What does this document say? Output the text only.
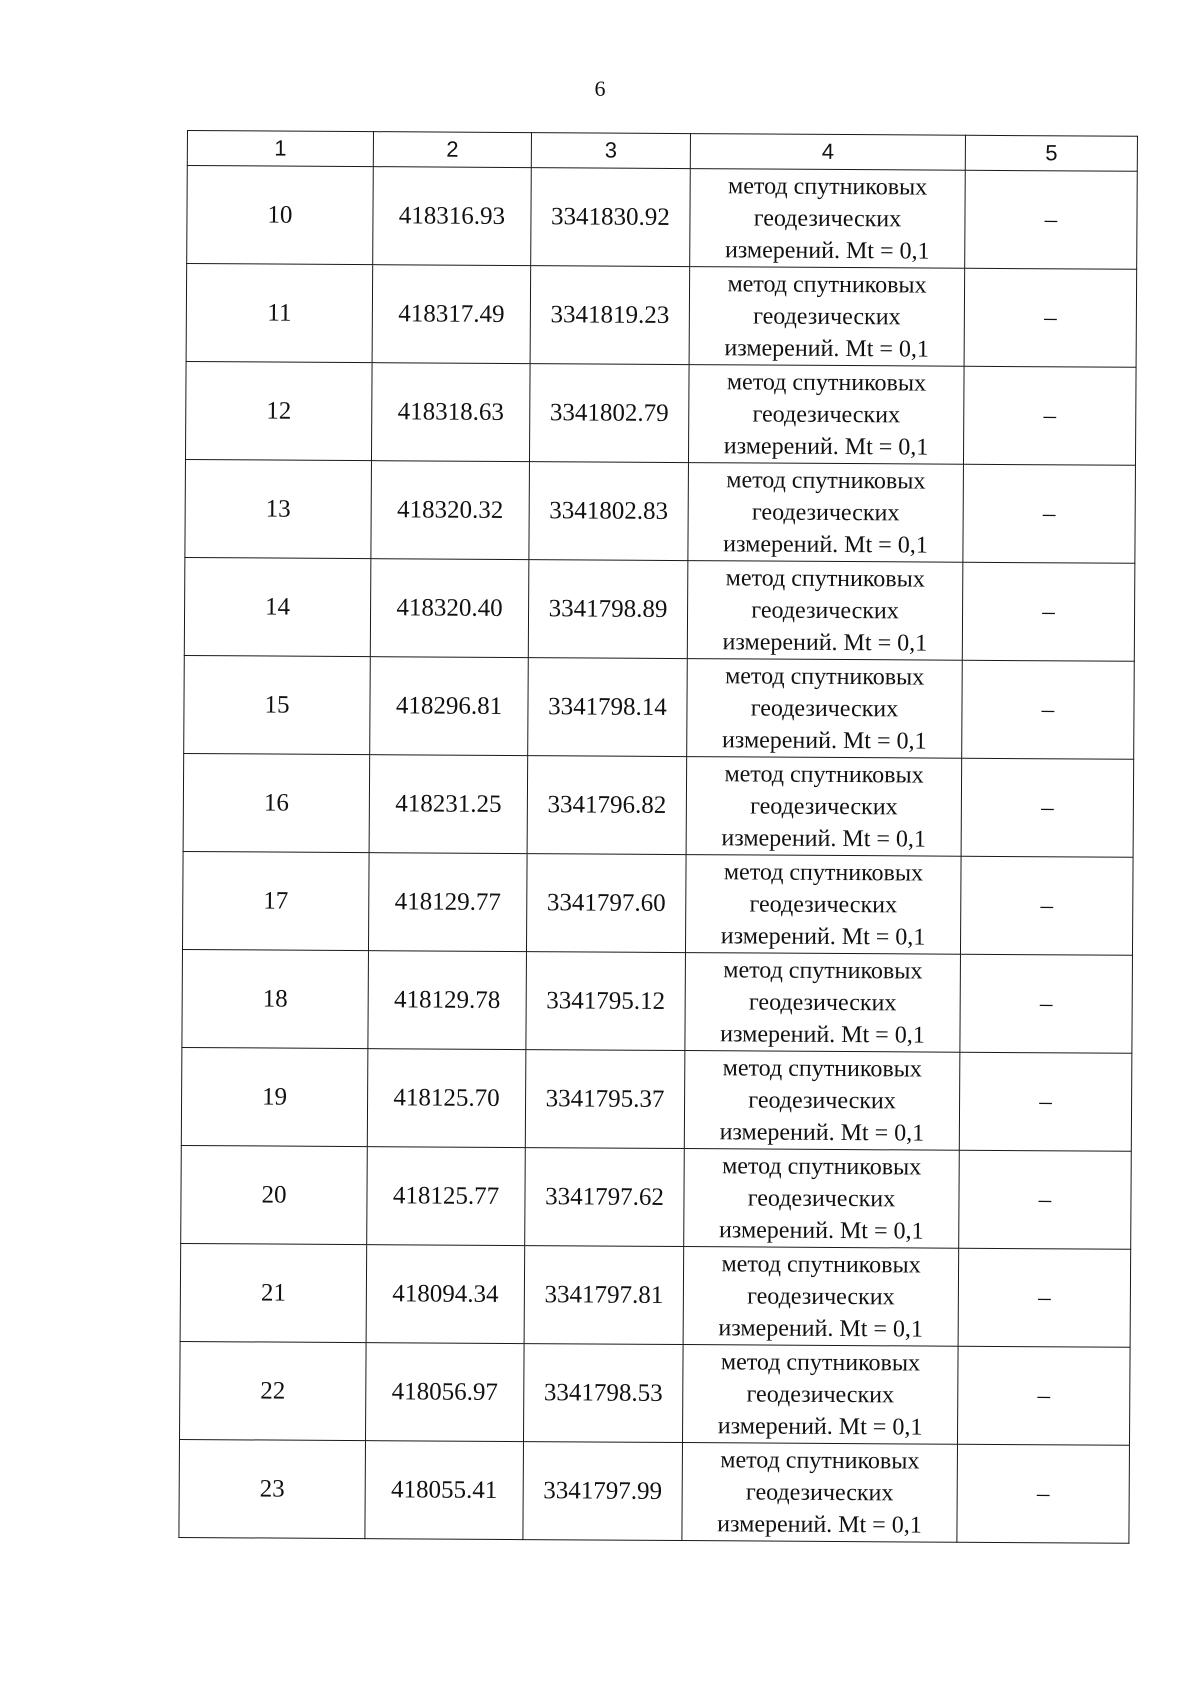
6
1	2	3	4	5
10	418316.93	3341830.92	метод спутниковых
геодезических
измерений. Mt = 0,1	–
11	418317.49	3341819.23	метод спутниковых
геодезических
измерений. Mt = 0,1	–
12	418318.63	3341802.79	метод спутниковых
геодезических
измерений. Mt = 0,1	–
13	418320.32	3341802.83	метод спутниковых
геодезических
измерений. Mt = 0,1	–
14	418320.40	3341798.89	метод спутниковых
геодезических
измерений. Mt = 0,1	–
15	418296.81	3341798.14	метод спутниковых
геодезических
измерений. Mt = 0,1	–
16	418231.25	3341796.82	метод спутниковых
геодезических
измерений. Mt = 0,1	–
17	418129.77	3341797.60	метод спутниковых
геодезических
измерений. Mt = 0,1	–
18	418129.78	3341795.12	метод спутниковых
геодезических
измерений. Mt = 0,1	–
19	418125.70	3341795.37	метод спутниковых
геодезических
измерений. Mt = 0,1	–
20	418125.77	3341797.62	метод спутниковых
геодезических
измерений. Mt = 0,1	–
21	418094.34	3341797.81	метод спутниковых
геодезических
измерений. Mt = 0,1	–
22	418056.97	3341798.53	метод спутниковых
геодезических
измерений. Mt = 0,1	–
23	418055.41	3341797.99	метод спутниковых
геодезических
измерений. Mt = 0,1	–
